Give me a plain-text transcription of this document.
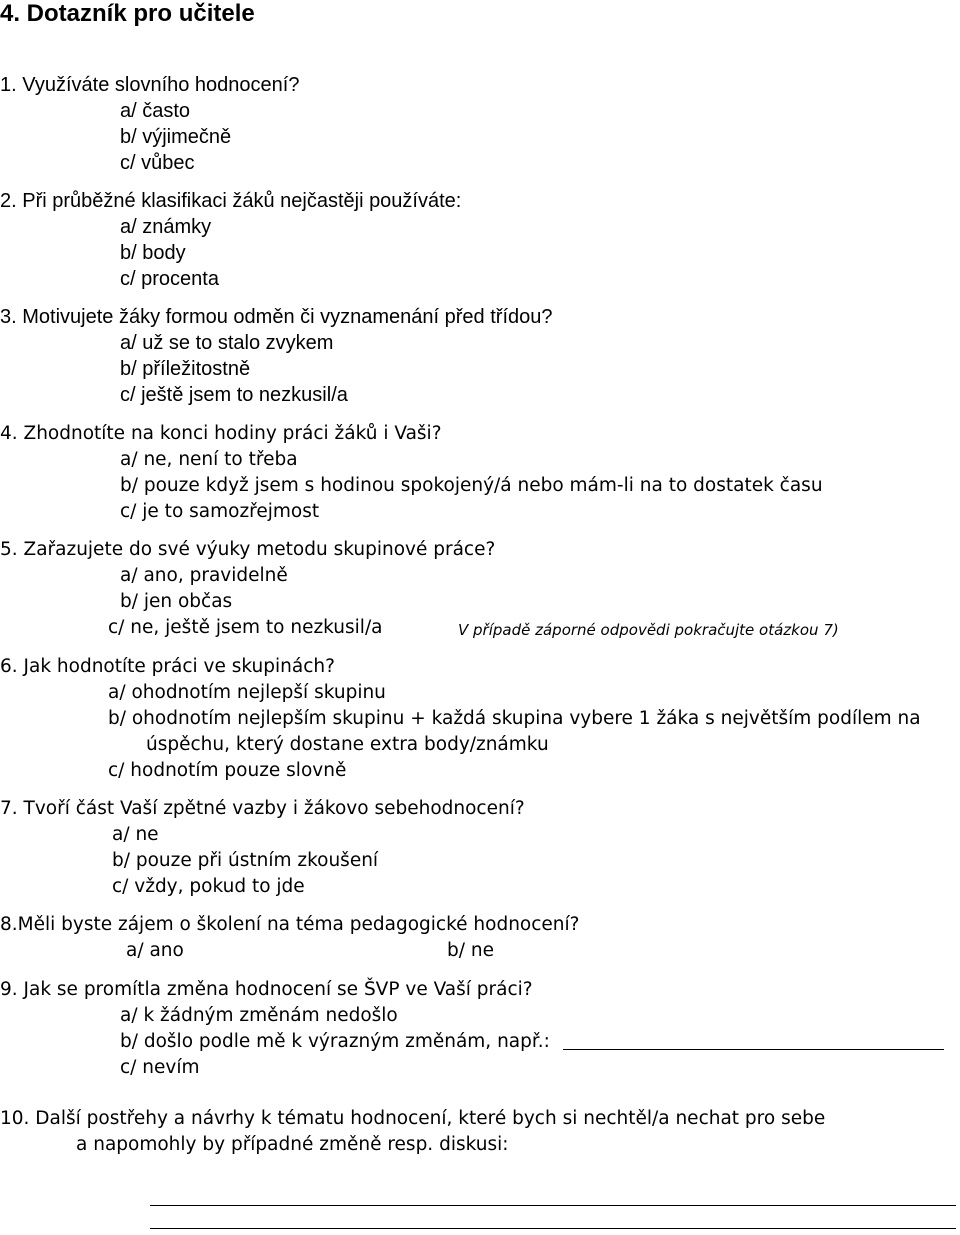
4. Dotazník pro učitele
1. Využíváte slovního hodnocení?
a/ často
b/ výjimečně
c/ vůbec
2. Při průběžné klasifikaci žáků nejčastěji používáte:
a/ známky
b/ body
c/ procenta
3. Motivujete žáky formou odměn či vyznamenání před třídou?
a/ už se to stalo zvykem
b/ příležitostně
c/ ještě jsem to nezkusil/a
4. Zhodnotíte na konci hodiny práci žáků i Vaši?
a/ ne, není to třeba
b/ pouze když jsem s hodinou spokojený/á nebo mám-li na to dostatek času
c/ je to samozřejmost
5. Zařazujete do své výuky metodu skupinové práce?
a/ ano, pravidelně
b/ jen občas
c/ ne, ještě jsem to nezkusil/a	V případě záporné odpovědi pokračujte otázkou 7)
6. Jak hodnotíte práci ve skupinách?
a/ ohodnotím nejlepší skupinu
b/ ohodnotím nejlepším skupinu + každá skupina vybere 1 žáka s největším podílem na
úspěchu, který dostane extra body/známku
c/ hodnotím pouze slovně
7. Tvoří část Vaší zpětné vazby i žákovo sebehodnocení?
a/ ne
b/ pouze při ústním zkoušení
c/ vždy, pokud to jde
8.Měli byste zájem o školení na téma pedagogické hodnocení?
a/ ano	b/ ne
9. Jak se promítla změna hodnocení se ŠVP ve Vaší práci?
a/ k žádným změnám nedošlo
b/ došlo podle mě k výrazným změnám, např.:
c/ nevím
10. Další postřehy a návrhy k tématu hodnocení, které bych si nechtěl/a nechat pro sebe
a napomohly by případné změně resp. diskusi:
